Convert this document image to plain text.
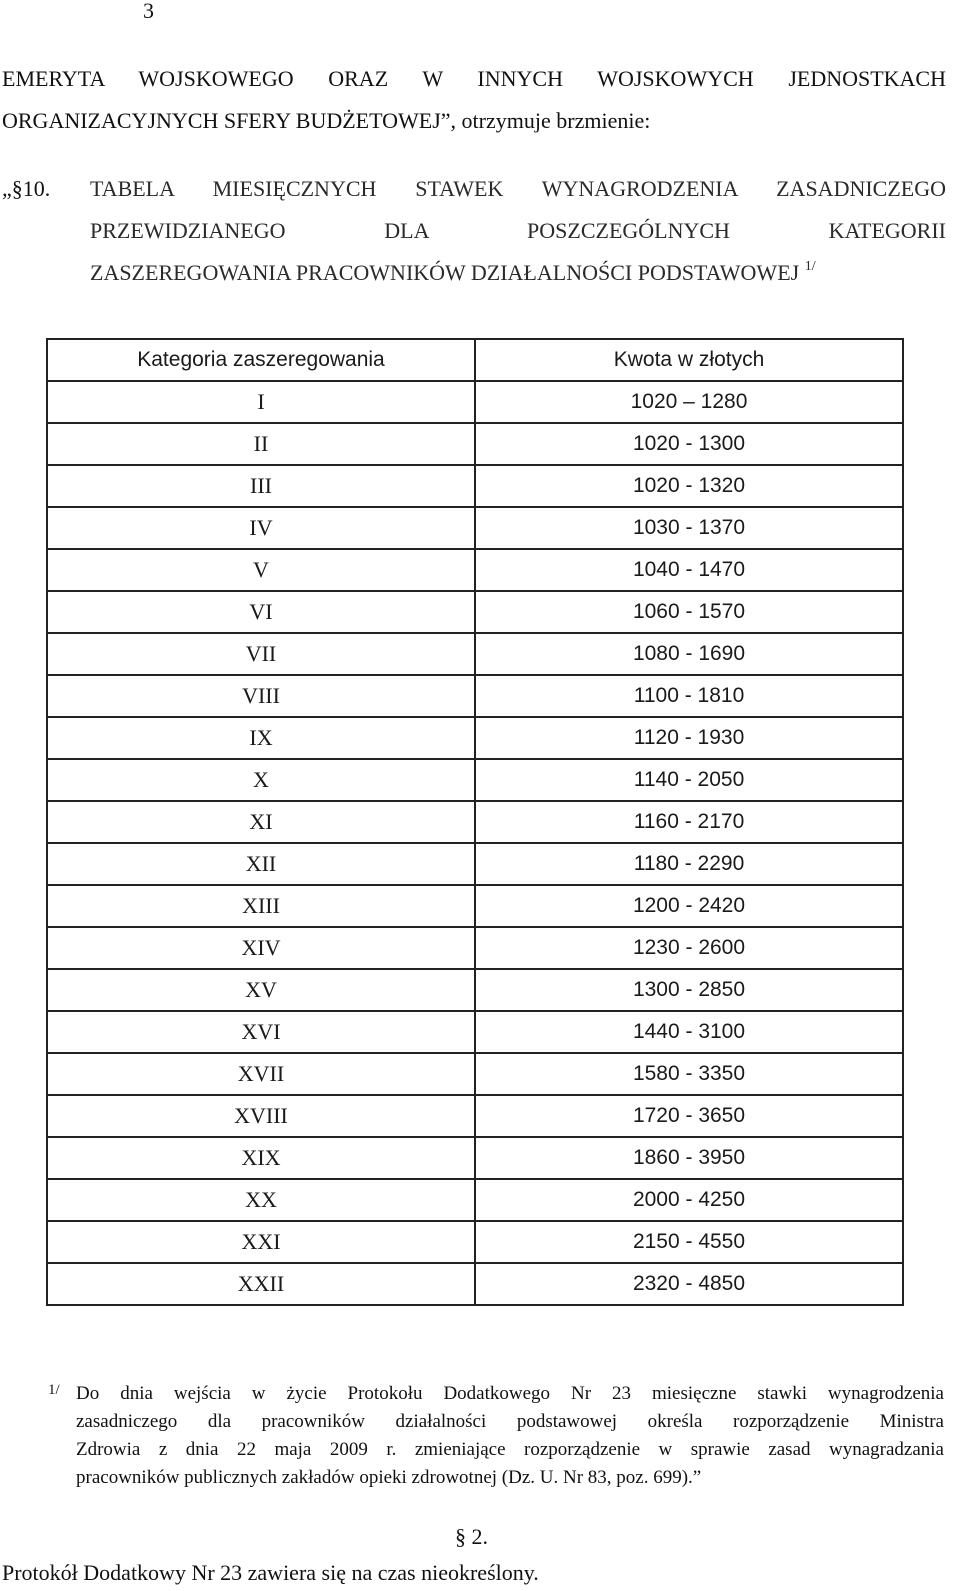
3
EMERYTA WOJSKOWEGO ORAZ W INNYCH WOJSKOWYCH JEDNOSTKACH
ORGANIZACYJNYCH SFERY BUDŻETOWEJ”, otrzymuje brzmienie:
„§10. TABELA MIESIĘCZNYCH STAWEK WYNAGRODZENIA ZASADNICZEGO
PRZEWIDZIANEGO DLA POSZCZEGÓLNYCH KATEGORII
ZASZEREGOWANIA PRACOWNIKÓW DZIAŁALNOŚCI PODSTAWOWEJ $^{1/}$
Kategoria zaszeregowania	Kwota w złotych
I	1020 – 1280
II	1020 - 1300
III	1020 - 1320
IV	1030 - 1370
V	1040 - 1470
VI	1060 - 1570
VII	1080 - 1690
VIII	1100 - 1810
IX	1120 - 1930
X	1140 - 2050
XI	1160 - 2170
XII	1180 - 2290
XIII	1200 - 2420
XIV	1230 - 2600
XV	1300 - 2850
XVI	1440 - 3100
XVII	1580 - 3350
XVIII	1720 - 3650
XIX	1860 - 3950
XX	2000 - 4250
XXI	2150 - 4550
XXII	2320 - 4850
1/ Do dnia wejścia w życie Protokołu Dodatkowego Nr 23 miesięczne stawki wynagrodzenia
zasadniczego dla pracowników działalności podstawowej określa rozporządzenie Ministra
Zdrowia z dnia 22 maja 2009 r. zmieniające rozporządzenie w sprawie zasad wynagradzania
pracowników publicznych zakładów opieki zdrowotnej (Dz. U. Nr 83, poz. 699).”
§ 2.
Protokół Dodatkowy Nr 23 zawiera się na czas nieokreślony.
